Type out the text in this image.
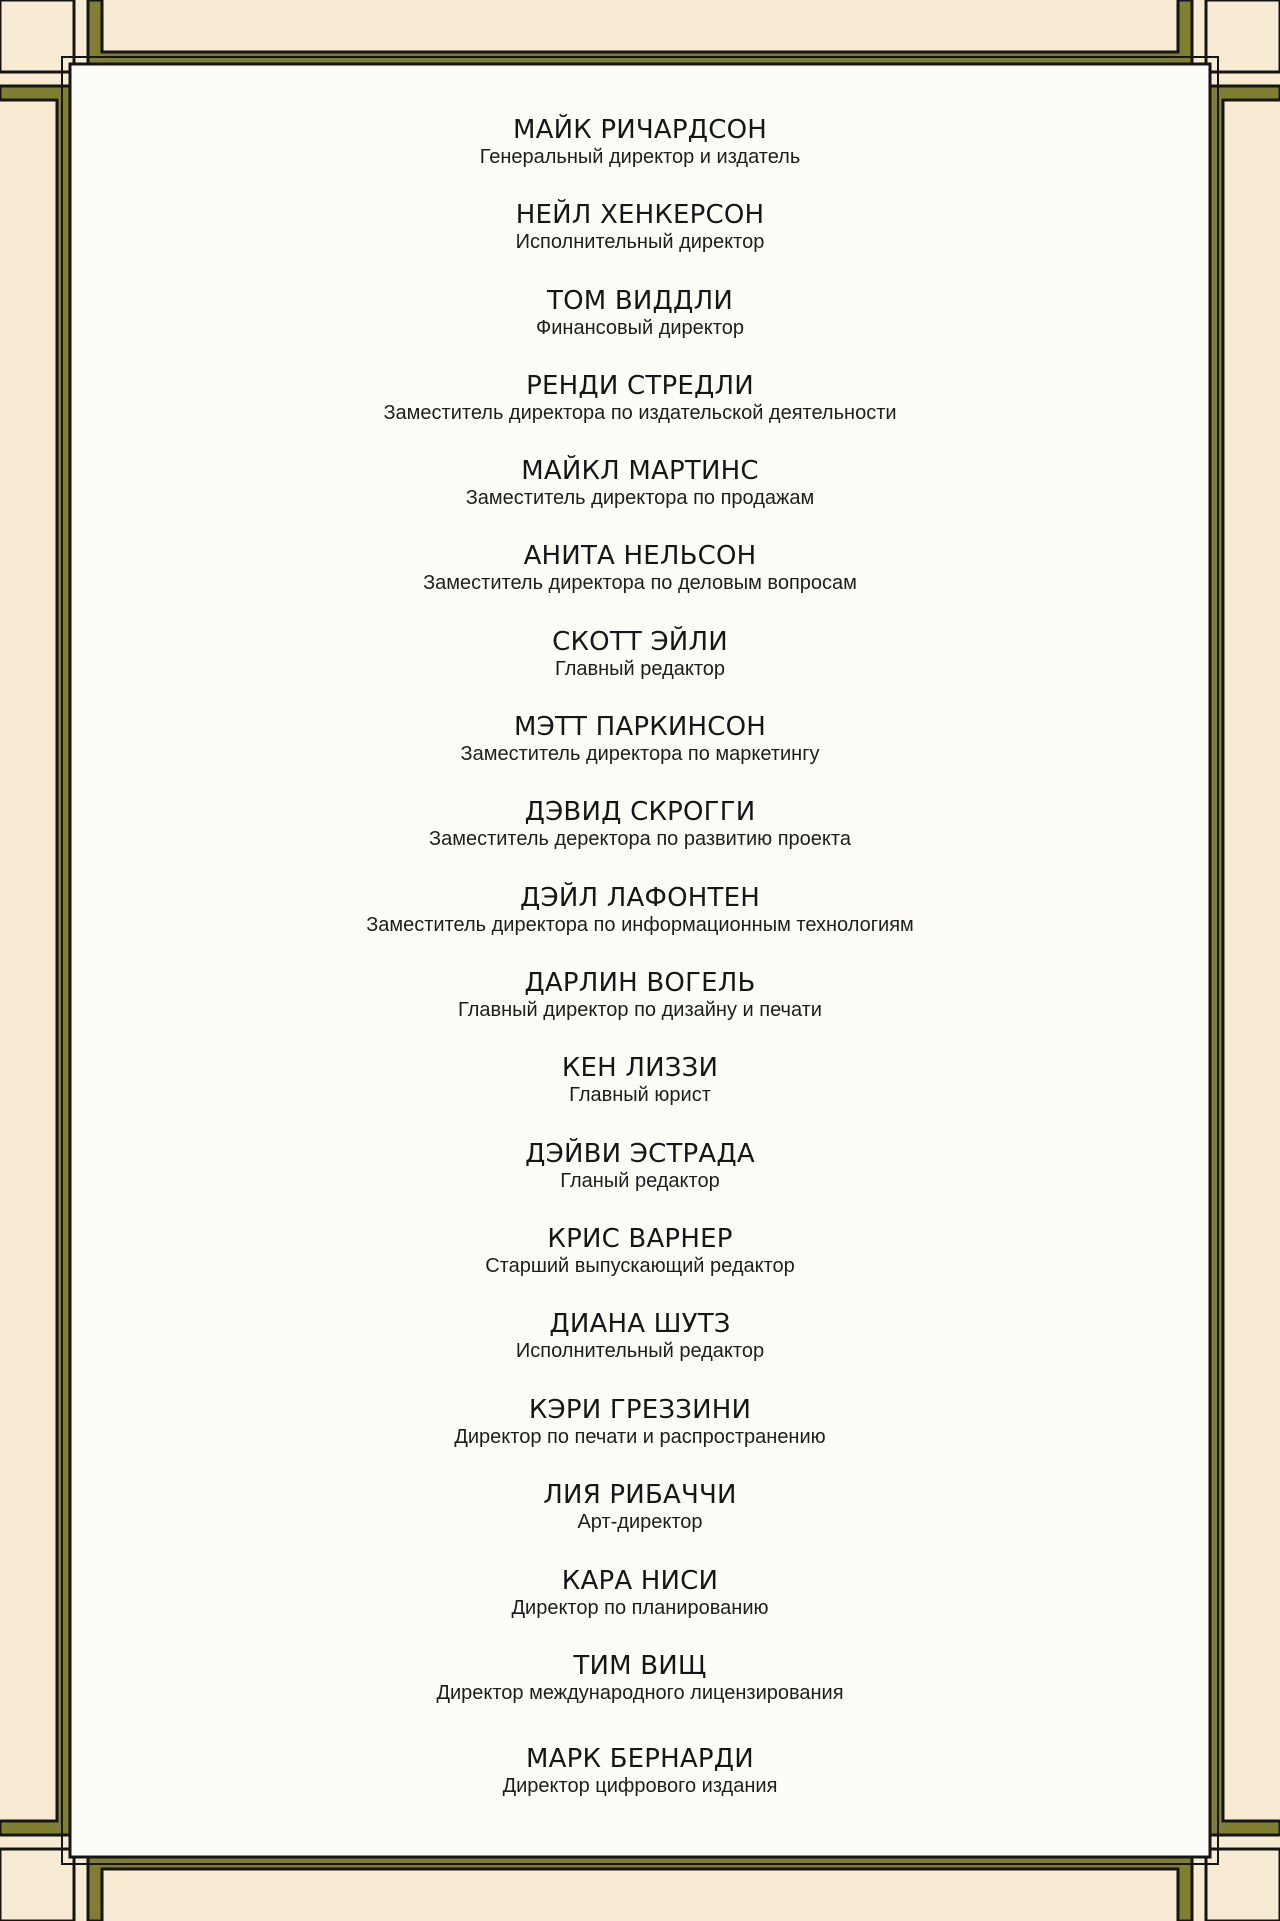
МАЙК РИЧАРДСОН
Генеральный директор и издатель
НЕЙЛ ХЕНКЕРСОН
Исполнительный директор
ТОМ ВИДДЛИ
Финансовый директор
РЕНДИ СТРЕДЛИ
Заместитель директора по издательской деятельности
МАЙКЛ МАРТИНС
Заместитель директора по продажам
АНИТА НЕЛЬСОН
Заместитель директора по деловым вопросам
СКОТТ ЭЙЛИ
Главный редактор
МЭТТ ПАРКИНСОН
Заместитель директора по маркетингу
ДЭВИД СКРОГГИ
Заместитель деректора по развитию проекта
ДЭЙЛ ЛАФОНТЕН
Заместитель директора по информационным технологиям
ДАРЛИН ВОГЕЛЬ
Главный директор по дизайну и печати
КЕН ЛИЗЗИ
Главный юрист
ДЭЙВИ ЭСТРАДА
Гланый редактор
КРИС ВАРНЕР
Старший выпускающий редактор
ДИАНА ШУТЗ
Исполнительный редактор
КЭРИ ГРЕЗЗИНИ
Директор по печати и распространению
ЛИЯ РИБАЧЧИ
Арт-директор
КАРА НИСИ
Директор по планированию
ТИМ ВИЩ
Директор международного лицензирования
МАРК БЕРНАРДИ
Директор цифрового издания
